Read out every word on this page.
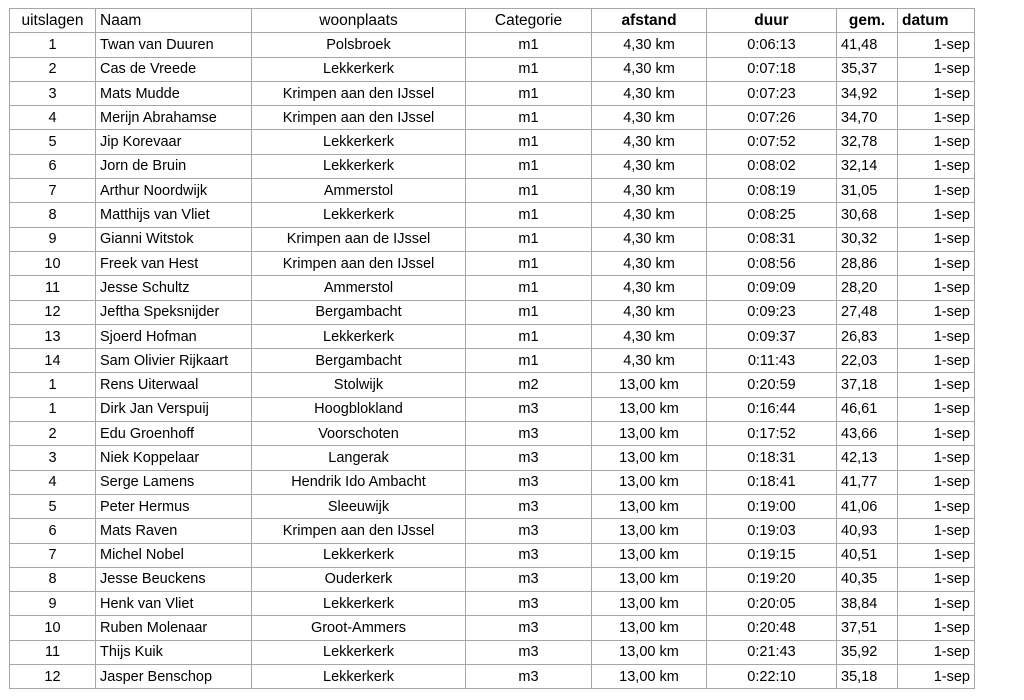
uitslagen	Naam	woonplaats	Categorie	afstand	duur	gem.	datum
1	Twan van Duuren	Polsbroek	m1	4,30 km	0:06:13	41,48	1-sep
2	Cas de Vreede	Lekkerkerk	m1	4,30 km	0:07:18	35,37	1-sep
3	Mats Mudde	Krimpen aan den IJssel	m1	4,30 km	0:07:23	34,92	1-sep
4	Merijn Abrahamse	Krimpen aan den IJssel	m1	4,30 km	0:07:26	34,70	1-sep
5	Jip Korevaar	Lekkerkerk	m1	4,30 km	0:07:52	32,78	1-sep
6	Jorn de Bruin	Lekkerkerk	m1	4,30 km	0:08:02	32,14	1-sep
7	Arthur Noordwijk	Ammerstol	m1	4,30 km	0:08:19	31,05	1-sep
8	Matthijs van Vliet	Lekkerkerk	m1	4,30 km	0:08:25	30,68	1-sep
9	Gianni Witstok	Krimpen aan de IJssel	m1	4,30 km	0:08:31	30,32	1-sep
10	Freek van Hest	Krimpen aan den IJssel	m1	4,30 km	0:08:56	28,86	1-sep
11	Jesse Schultz	Ammerstol	m1	4,30 km	0:09:09	28,20	1-sep
12	Jeftha Speksnijder	Bergambacht	m1	4,30 km	0:09:23	27,48	1-sep
13	Sjoerd Hofman	Lekkerkerk	m1	4,30 km	0:09:37	26,83	1-sep
14	Sam Olivier Rijkaart	Bergambacht	m1	4,30 km	0:11:43	22,03	1-sep
1	Rens Uiterwaal	Stolwijk	m2	13,00 km	0:20:59	37,18	1-sep
1	Dirk Jan Verspuij	Hoogblokland	m3	13,00 km	0:16:44	46,61	1-sep
2	Edu Groenhoff	Voorschoten	m3	13,00 km	0:17:52	43,66	1-sep
3	Niek Koppelaar	Langerak	m3	13,00 km	0:18:31	42,13	1-sep
4	Serge Lamens	Hendrik Ido Ambacht	m3	13,00 km	0:18:41	41,77	1-sep
5	Peter Hermus	Sleeuwijk	m3	13,00 km	0:19:00	41,06	1-sep
6	Mats Raven	Krimpen aan den IJssel	m3	13,00 km	0:19:03	40,93	1-sep
7	Michel Nobel	Lekkerkerk	m3	13,00 km	0:19:15	40,51	1-sep
8	Jesse Beuckens	Ouderkerk	m3	13,00 km	0:19:20	40,35	1-sep
9	Henk van Vliet	Lekkerkerk	m3	13,00 km	0:20:05	38,84	1-sep
10	Ruben Molenaar	Groot-Ammers	m3	13,00 km	0:20:48	37,51	1-sep
11	Thijs Kuik	Lekkerkerk	m3	13,00 km	0:21:43	35,92	1-sep
12	Jasper Benschop	Lekkerkerk	m3	13,00 km	0:22:10	35,18	1-sep
